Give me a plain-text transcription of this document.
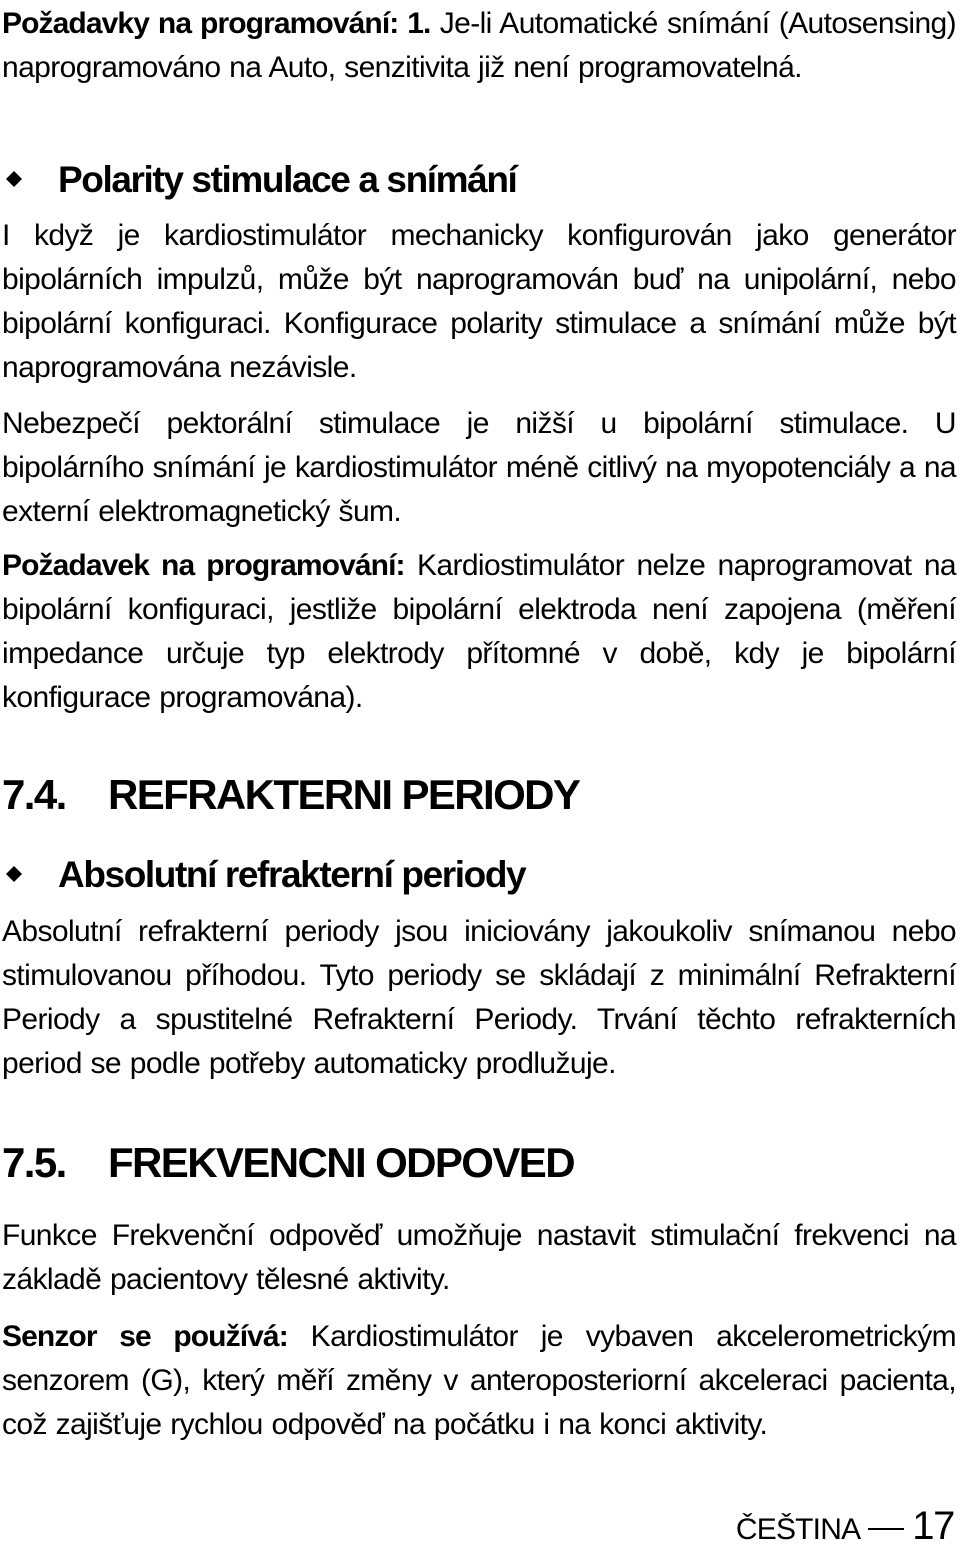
Požadavky na programování: 1. Je-li Automatické snímání (Autosensing) naprogramováno na Auto, senzitivita již není programovatelná.

Polarity stimulace a snímání

I když je kardiostimulátor mechanicky konfigurován jako generátor bipolárních impulzů, může být naprogramován buď na unipolární, nebo bipolární konfiguraci. Konfigurace polarity stimulace a snímání může být naprogramována nezávisle.

Nebezpečí pektorální stimulace je nižší u bipolární stimulace. U bipolárního snímání je kardiostimulátor méně citlivý na myopotenciály a na externí elektromagnetický šum.

Požadavek na programování: Kardiostimulátor nelze naprogramovat na bipolární konfiguraci, jestliže bipolární elektroda není zapojena (měření impedance určuje typ elektrody přítomné v době, kdy je bipolární konfigurace programována).

7.4. REFRAKTERNI PERIODY
Absolutní refrakterní periody

Absolutní refrakterní periody jsou iniciovány jakoukoliv snímanou nebo stimulovanou příhodou. Tyto periody se skládají z minimální Refrakterní Periody a spustitelné Refrakterní Periody. Trvání těchto refrakterních period se podle potřeby automaticky prodlužuje.

7.5. FREKVENCNI ODPOVED

Funkce Frekvenční odpověď umožňuje nastavit stimulační frekvenci na základě pacientovy tělesné aktivity.

Senzor se používá: Kardiostimulátor je vybaven akcelerometrickým senzorem (G), který měří změny v anteroposteriorní akceleraci pacienta, což zajišťuje rychlou odpověď na počátku i na konci aktivity.

ČEŠTINA 17
